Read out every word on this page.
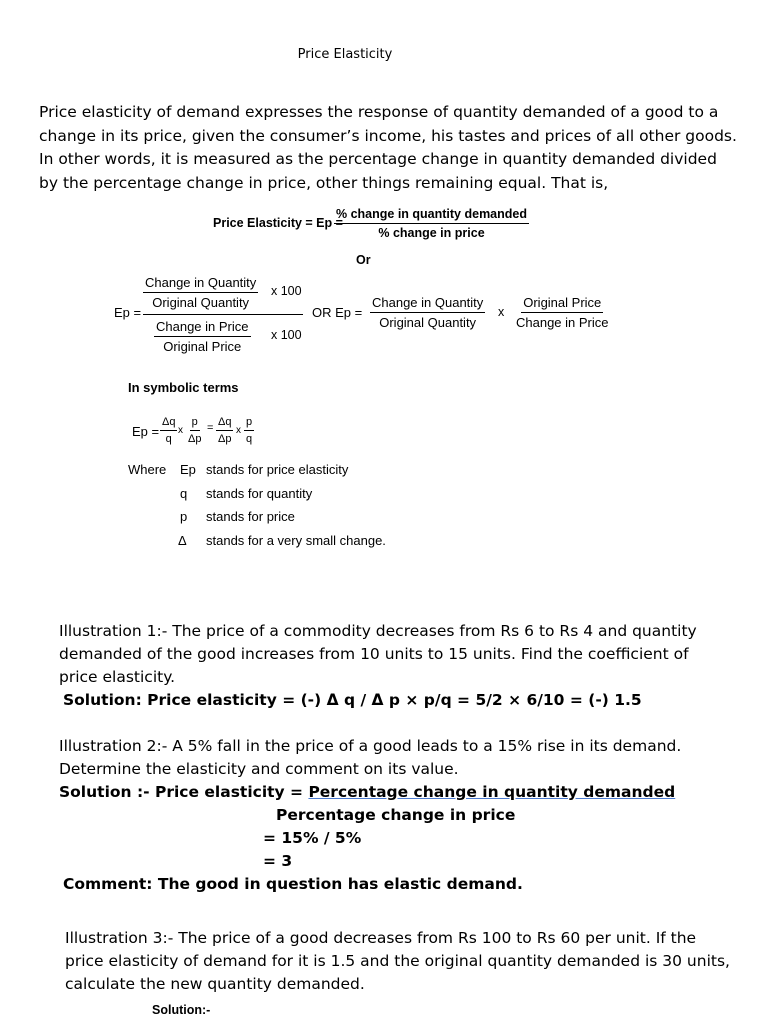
Price Elasticity
Price elasticity of demand expresses the response of quantity demanded of a good to a change in its price, given the consumer’s income, his tastes and prices of all other goods. In other words, it is measured as the percentage change in quantity demanded divided by the percentage change in price, other things remaining equal. That is,
Price Elasticity = Ep =
% change in quantity demanded
% change in price
Or
Ep =
Change in Quantity
Original Quantity
x 100
Change in Price
Original Price
x 100
OR Ep =
Change in Quantity
Original Quantity
x
Original Price
Change in Price
In symbolic terms
$Ep = \frac{\Delta q}{q}$ x $\frac{p}{\Delta p} = \frac{\Delta q}{\Delta p}$ x $\frac{p}{q}$
Where Ep stands for price elasticity
q stands for quantity
p stands for price
Δ stands for a very small change.
Illustration 1:- The price of a commodity decreases from Rs 6 to Rs 4 and quantity demanded of the good increases from 10 units to 15 units. Find the coefficient of price elasticity.
Solution: Price elasticity = (-) Δ q / Δ p × p/q = 5/2 × 6/10 = (-) 1.5
Illustration 2:- A 5% fall in the price of a good leads to a 15% rise in its demand. Determine the elasticity and comment on its value.
Solution :- Price elasticity = Percentage change in quantity demanded
Percentage change in price
= 15% / 5%
= 3
Comment: The good in question has elastic demand.
Illustration 3:- The price of a good decreases from Rs 100 to Rs 60 per unit. If the price elasticity of demand for it is 1.5 and the original quantity demanded is 30 units, calculate the new quantity demanded.
Solution:-
